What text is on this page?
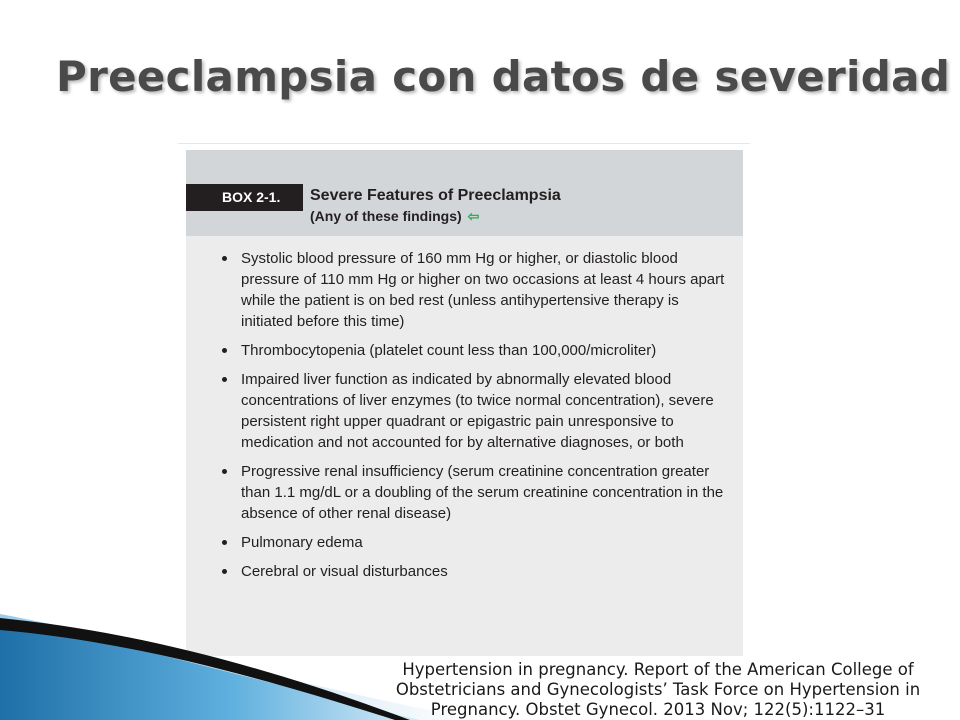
Preeclampsia con datos de severidad
BOX 2-1.	Severe Features of Preeclampsia
(Any of these findings) ⇦
Systolic blood pressure of 160 mm Hg or higher, or diastolic blood pressure of 110 mm Hg or higher on two occasions at least 4 hours apart while the patient is on bed rest (unless antihypertensive therapy is initiated before this time)
Thrombocytopenia (platelet count less than 100,000/microliter)
Impaired liver function as indicated by abnormally elevated blood concentrations of liver enzymes (to twice normal concentration), severe persistent right upper quadrant or epigastric pain unresponsive to medication and not accounted for by alternative diagnoses, or both
Progressive renal insufficiency (serum creatinine concentration greater than 1.1 mg/dL or a doubling of the serum creatinine concentration in the absence of other renal disease)
Pulmonary edema
Cerebral or visual disturbances

Hypertension in pregnancy. Report of the American College of Obstetricians and Gynecologists’ Task Force on Hypertension in Pregnancy. Obstet Gynecol. 2013 Nov; 122(5):1122–31
